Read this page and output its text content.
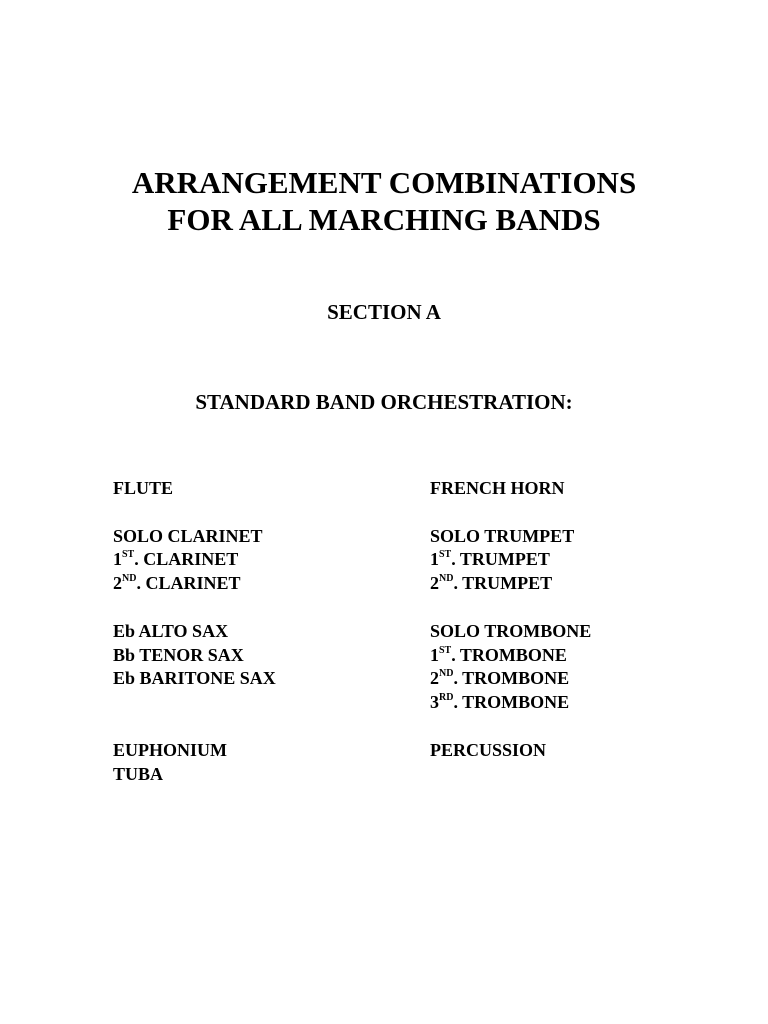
ARRANGEMENT COMBINATIONS
FOR ALL MARCHING BANDS
SECTION A
STANDARD BAND ORCHESTRATION:
FLUTE
SOLO CLARINET
1ST. CLARINET
2ND. CLARINET
Eb ALTO SAX
Bb TENOR SAX
Eb BARITONE SAX
EUPHONIUM
TUBA
FRENCH HORN
SOLO TRUMPET
1ST. TRUMPET
2ND. TRUMPET
SOLO TROMBONE
1ST. TROMBONE
2ND. TROMBONE
3RD. TROMBONE
PERCUSSION
